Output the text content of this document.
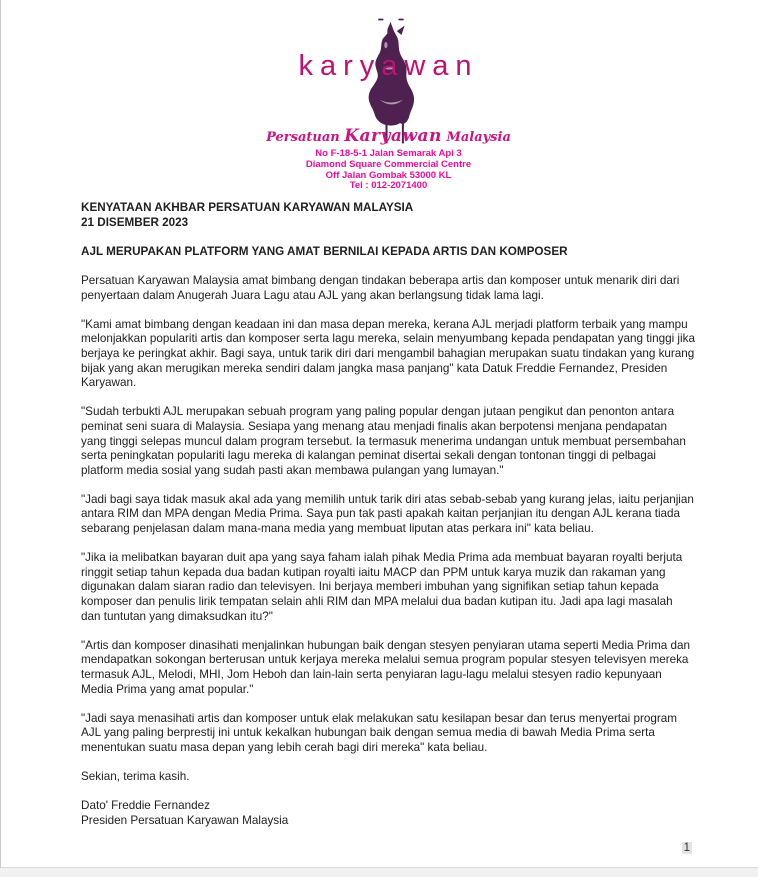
karyawan
Persatuan Karyawan Malaysia
No F-18-5-1 Jalan Semarak Api 3
Diamond Square Commercial Centre
Off Jalan Gombak 53000 KL
Tel : 012-2071400
KENYATAAN AKHBAR PERSATUAN KARYAWAN MALAYSIA
21 DISEMBER 2023

AJL MERUPAKAN PLATFORM YANG AMAT BERNILAI KEPADA ARTIS DAN KOMPOSER

Persatuan Karyawan Malaysia amat bimbang dengan tindakan beberapa artis dan komposer untuk menarik diri dari penyertaan dalam Anugerah Juara Lagu atau AJL yang akan berlangsung tidak lama lagi.

"Kami amat bimbang dengan keadaan ini dan masa depan mereka, kerana AJL merjadi platform terbaik yang mampu melonjakkan populariti artis dan komposer serta lagu mereka, selain menyumbang kepada pendapatan yang tinggi jika berjaya ke peringkat akhir. Bagi saya, untuk tarik diri dari mengambil bahagian merupakan suatu tindakan yang kurang bijak yang akan merugikan mereka sendiri dalam jangka masa panjang" kata Datuk Freddie Fernandez, Presiden Karyawan.

"Sudah terbukti AJL merupakan sebuah program yang paling popular dengan jutaan pengikut dan penonton antara peminat seni suara di Malaysia. Sesiapa yang menang atau menjadi finalis akan berpotensi menjana pendapatan yang tinggi selepas muncul dalam program tersebut. Ia termasuk menerima undangan untuk membuat persembahan serta peningkatan populariti lagu mereka di kalangan peminat disertai sekali dengan tontonan tinggi di pelbagai platform media sosial yang sudah pasti akan membawa pulangan yang lumayan."

"Jadi bagi saya tidak masuk akal ada yang memilih untuk tarik diri atas sebab-sebab yang kurang jelas, iaitu perjanjian antara RIM dan MPA dengan Media Prima. Saya pun tak pasti apakah kaitan perjanjian itu dengan AJL kerana tiada sebarang penjelasan dalam mana-mana media yang membuat liputan atas perkara ini" kata beliau.

"Jika ia melibatkan bayaran duit apa yang saya faham ialah pihak Media Prima ada membuat bayaran royalti berjuta ringgit setiap tahun kepada dua badan kutipan royalti iaitu MACP dan PPM untuk karya muzik dan rakaman yang digunakan dalam siaran radio dan televisyen. Ini berjaya memberi imbuhan yang signifikan setiap tahun kepada komposer dan penulis lirik tempatan selain ahli RIM dan MPA melalui dua badan kutipan itu. Jadi apa lagi masalah dan tuntutan yang dimaksudkan itu?"

"Artis dan komposer dinasihati menjalinkan hubungan baik dengan stesyen penyiaran utama seperti Media Prima dan mendapatkan sokongan berterusan untuk kerjaya mereka melalui semua program popular stesyen televisyen mereka termasuk AJL, Melodi, MHI, Jom Heboh dan lain-lain serta penyiaran lagu-lagu melalui stesyen radio kepunyaan Media Prima yang amat popular."

"Jadi saya menasihati artis dan komposer untuk elak melakukan satu kesilapan besar dan terus menyertai program AJL yang paling berprestij ini untuk kekalkan hubungan baik dengan semua media di bawah Media Prima serta menentukan suatu masa depan yang lebih cerah bagi diri mereka" kata beliau.

Sekian, terima kasih.

Dato' Freddie Fernandez
Presiden Persatuan Karyawan Malaysia
1
